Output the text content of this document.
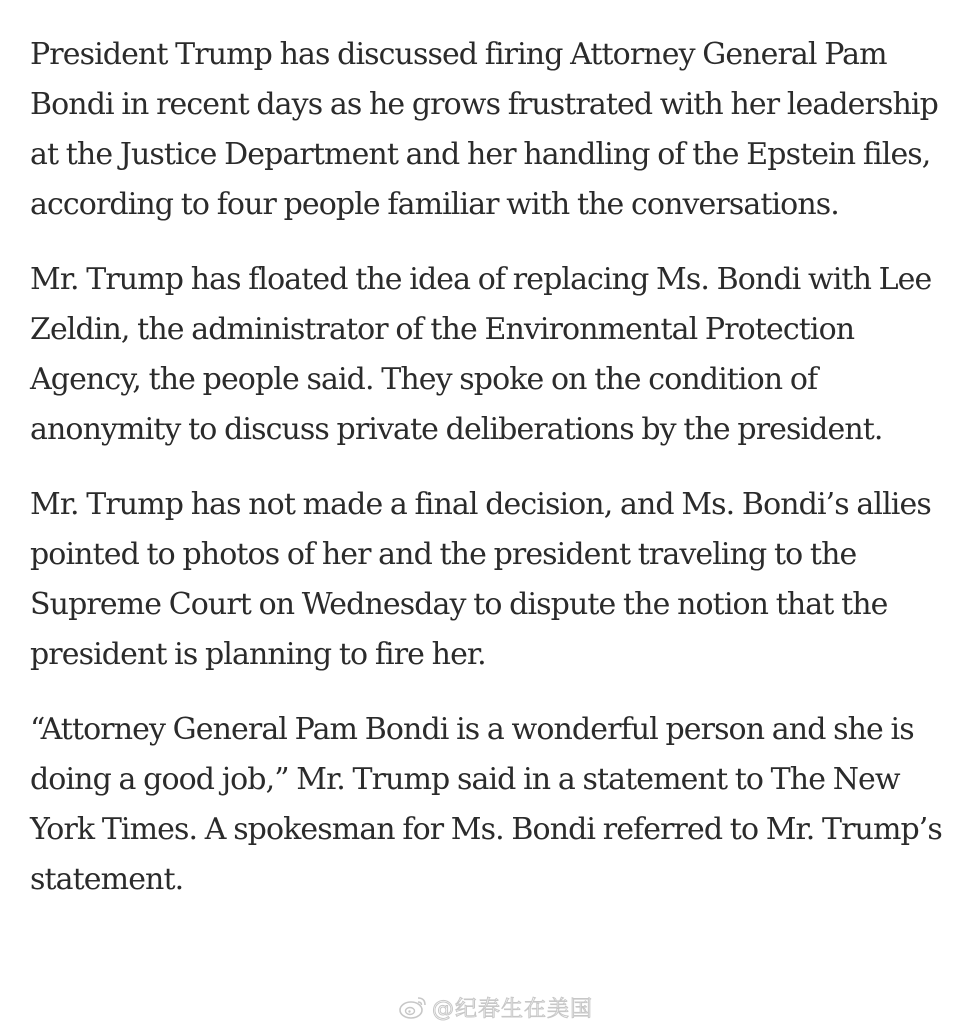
President Trump has discussed firing Attorney General Pam Bondi in recent days as he grows frustrated with her leadership at the Justice Department and her handling of the Epstein files, according to four people familiar with the conversations.

Mr. Trump has floated the idea of replacing Ms. Bondi with Lee Zeldin, the administrator of the Environmental Protection Agency, the people said. They spoke on the condition of anonymity to discuss private deliberations by the president.

Mr. Trump has not made a final decision, and Ms. Bondi’s allies pointed to photos of her and the president traveling to the Supreme Court on Wednesday to dispute the notion that the president is planning to fire her.

“Attorney General Pam Bondi is a wonderful person and she is doing a good job,” Mr. Trump said in a statement to The New York Times. A spokesman for Ms. Bondi referred to Mr. Trump’s statement.

@纪春生在美国
